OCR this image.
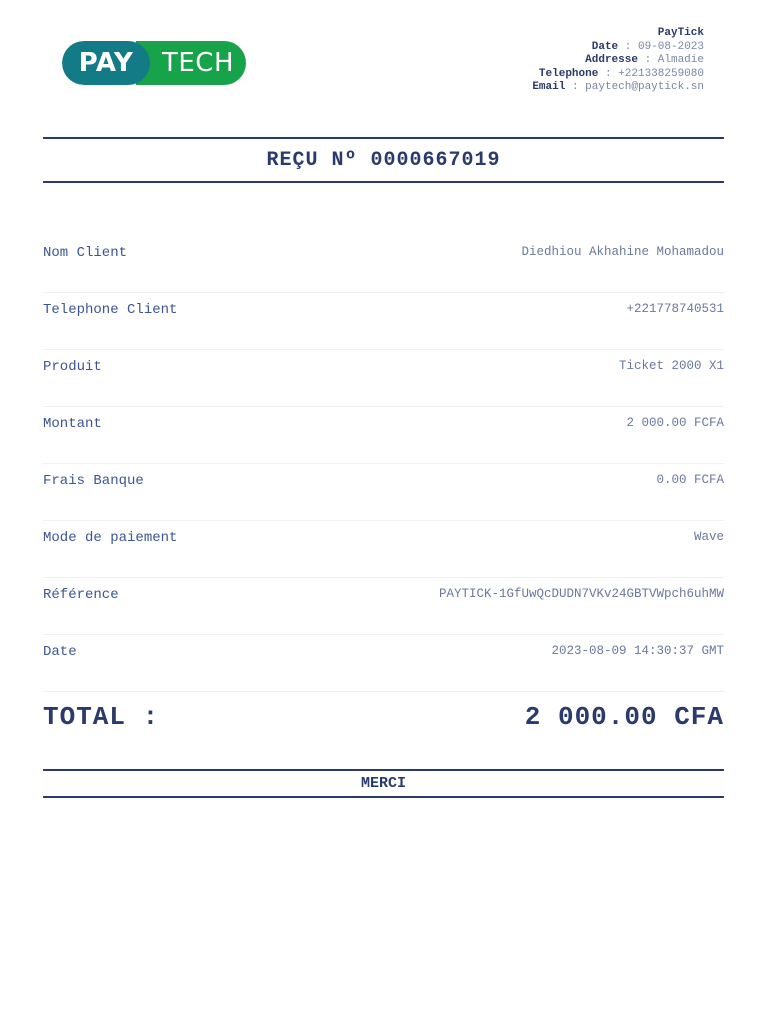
PAY	TECH
PayTick
Date : 09-08-2023
Addresse : Almadie
Telephone : +221338259080
Email : paytech@paytick.sn
REÇU Nº 0000667019
Nom Client	Diedhiou Akhahine Mohamadou
Telephone Client	+221778740531
Produit	Ticket 2000 X1
Montant	2 000.00 FCFA
Frais Banque	0.00 FCFA
Mode de paiement	Wave
Référence	PAYTICK-1GfUwQcDUDN7VKv24GBTVWpch6uhMW
Date	2023-08-09 14:30:37 GMT
TOTAL :	2 000.00 CFA
MERCI
